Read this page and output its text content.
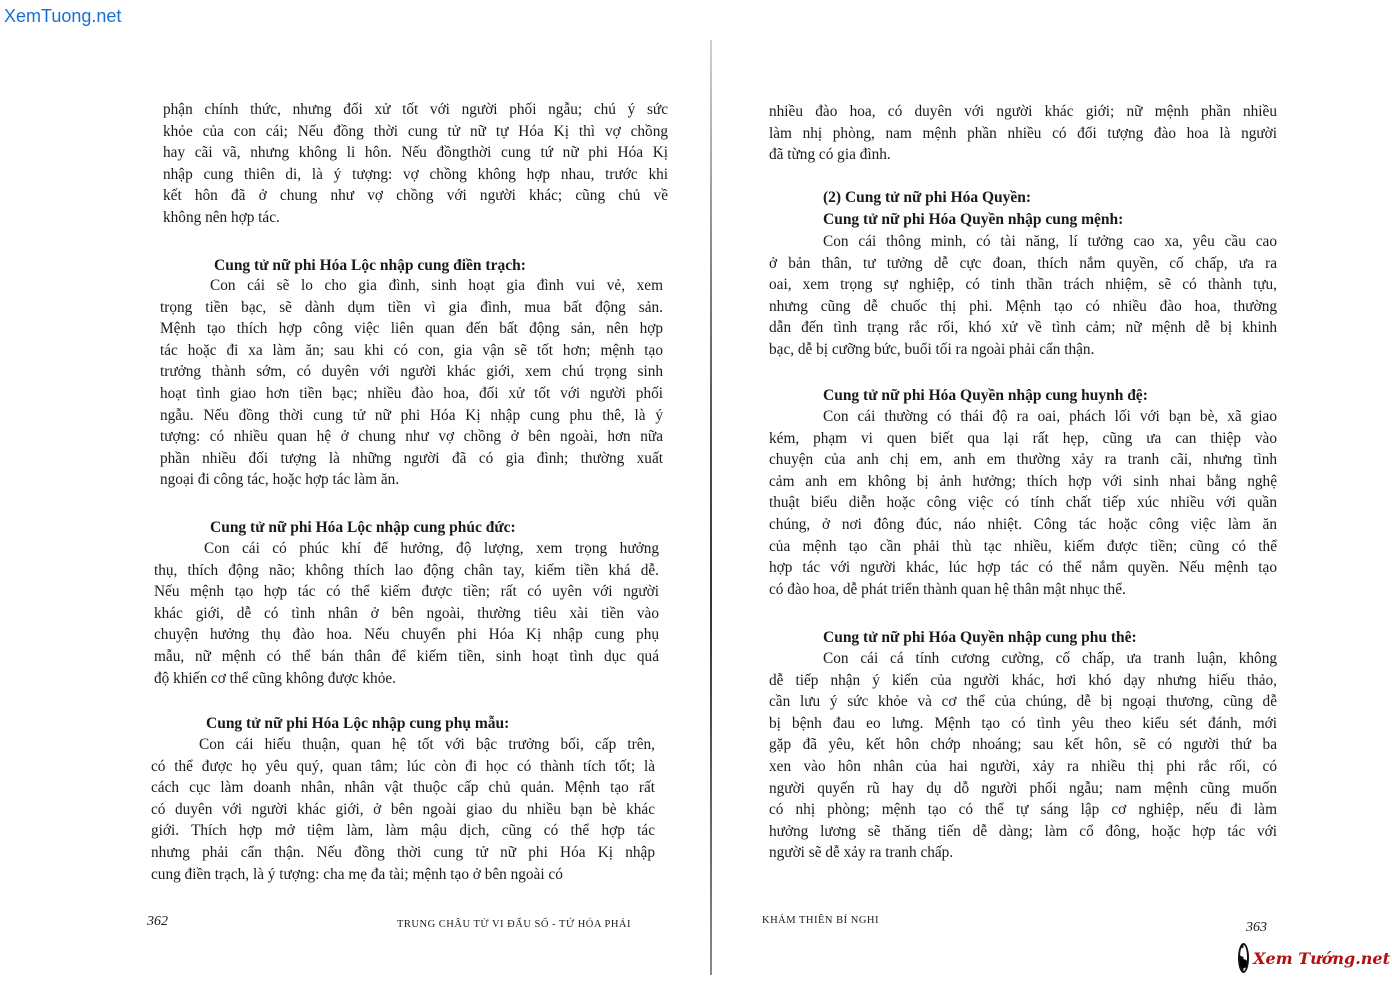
XemTuong.net
phận chính thức, nhưng đối xử tốt với người phối ngẫu; chú ý sức
khỏe của con cái; Nếu đồng thời cung tử nữ tự Hóa Kị thì vợ chồng
hay cãi vã, nhưng không li hôn. Nếu đồngthời cung tứ nữ phi Hóa Kị
nhập cung thiên di, là ý tượng: vợ chồng không hợp nhau, trước khi
kết hôn đã ở chung như vợ chồng với người khác; cũng chủ về
không nên hợp tác.
Cung tử nữ phi Hóa Lộc nhập cung điền trạch:
Con cái sẽ lo cho gia đình, sinh hoạt gia đình vui vẻ, xem
trọng tiền bạc, sẽ dành dụm tiền vì gia đình, mua bất động sản.
Mệnh tạo thích hợp công việc liên quan đến bất động sản, nên hợp
tác hoặc đi xa làm ăn; sau khi có con, gia vận sẽ tốt hơn; mệnh tạo
trưởng thành sớm, có duyên với người khác giới, xem chú trọng sinh
hoạt tình giao hơn tiền bạc; nhiều đào hoa, đối xử tốt với người phối
ngẫu. Nếu đồng thời cung tử nữ phi Hóa Kị nhập cung phu thê, là ý
tượng: có nhiều quan hệ ở chung như vợ chồng ở bên ngoài, hơn nữa
phần nhiều đối tượng là những người đã có gia đình; thường xuất
ngoại đi công tác, hoặc hợp tác làm ăn.
Cung tử nữ phi Hóa Lộc nhập cung phúc đức:
Con cái có phúc khí để hưởng, độ lượng, xem trọng hưởng
thụ, thích động não; không thích lao động chân tay, kiếm tiền khá dễ.
Nếu mệnh tạo hợp tác có thể kiếm được tiền; rất có uyên với người
khác giới, dễ có tình nhân ở bên ngoài, thường tiêu xài tiền vào
chuyện hưởng thụ đào hoa. Nếu chuyển phi Hóa Kị nhập cung phụ
mẫu, nữ mệnh có thể bán thân để kiếm tiền, sinh hoạt tình dục quá
độ khiến cơ thể cũng không được khỏe.
Cung tử nữ phi Hóa Lộc nhập cung phụ mẫu:
Con cái hiếu thuận, quan hệ tốt với bậc trưởng bối, cấp trên,
có thể được họ yêu quý, quan tâm; lúc còn đi học có thành tích tốt; là
cách cục làm doanh nhân, nhân vật thuộc cấp chủ quản. Mệnh tạo rất
có duyên với người khác giới, ở bên ngoài giao du nhiều bạn bè khác
giới. Thích hợp mở tiệm làm, làm mậu dịch, cũng có thể hợp tác
nhưng phải cẩn thận. Nếu đồng thời cung tử nữ phi Hóa Kị nhập
cung điền trạch, là ý tượng: cha mẹ đa tài; mệnh tạo ở bên ngoài có
362	TRUNG CHÂU TỬ VI ĐẨU SỐ - TỨ HÓA PHÁI
nhiều đào hoa, có duyên với người khác giới; nữ mệnh phần nhiều
làm nhị phòng, nam mệnh phần nhiều có đối tượng đào hoa là người
đã từng có gia đình.
(2) Cung tử nữ phi Hóa Quyền:
Cung tử nữ phi Hóa Quyền nhập cung mệnh:
Con cái thông minh, có tài năng, lí tưởng cao xa, yêu cầu cao
ở bản thân, tư tưởng dễ cực đoan, thích nắm quyền, cố chấp, ưa ra
oai, xem trọng sự nghiệp, có tinh thần trách nhiệm, sẽ có thành tựu,
nhưng cũng dễ chuốc thị phi. Mệnh tạo có nhiều đào hoa, thường
dẫn đến tình trạng rắc rối, khó xử về tình cảm; nữ mệnh dễ bị khinh
bạc, dễ bị cưỡng bức, buổi tối ra ngoài phải cẩn thận.
Cung tử nữ phi Hóa Quyền nhập cung huynh đệ:
Con cái thường có thái độ ra oai, phách lối với bạn bè, xã giao
kém, phạm vi quen biết qua lại rất hẹp, cũng ưa can thiệp vào
chuyện của anh chị em, anh em thường xảy ra tranh cãi, nhưng tình
cảm anh em không bị ảnh hưởng; thích hợp với sinh nhai bằng nghệ
thuật biểu diễn hoặc công việc có tính chất tiếp xúc nhiều với quần
chúng, ở nơi đông đúc, náo nhiệt. Công tác hoặc công việc làm ăn
của mệnh tạo cần phải thù tạc nhiều, kiếm được tiền; cũng có thể
hợp tác với người khác, lúc hợp tác có thể nắm quyền. Nếu mệnh tạo
có đào hoa, dễ phát triển thành quan hệ thân mật nhục thể.
Cung tử nữ phi Hóa Quyền nhập cung phu thê:
Con cái cá tính cương cường, cố chấp, ưa tranh luận, không
dễ tiếp nhận ý kiến của người khác, hơi khó dạy nhưng hiếu thảo,
cần lưu ý sức khỏe và cơ thể của chúng, dễ bị ngoại thương, cũng dễ
bị bệnh đau eo lưng. Mệnh tạo có tình yêu theo kiểu sét đánh, mới
gặp đã yêu, kết hôn chớp nhoáng; sau kết hôn, sẽ có người thứ ba
xen vào hôn nhân của hai người, xảy ra nhiều thị phi rắc rối, có
người quyến rũ hay dụ dỗ người phối ngẫu; nam mệnh cũng muốn
có nhị phòng; mệnh tạo có thể tự sáng lập cơ nghiệp, nếu đi làm
hưởng lương sẽ thăng tiến dễ dàng; làm cổ đông, hoặc hợp tác với
người sẽ dễ xảy ra tranh chấp.
KHẢM THIÊN BÍ NGHI	363
Xem Tướng.net
